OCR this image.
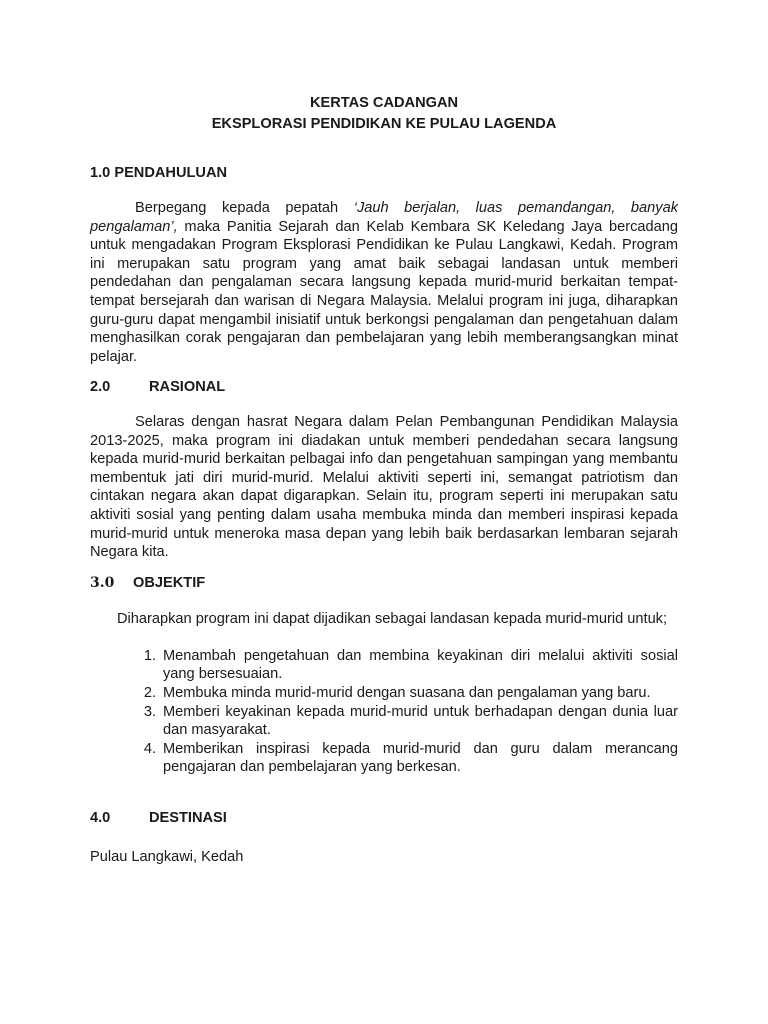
KERTAS CADANGAN
EKSPLORASI PENDIDIKAN KE PULAU LAGENDA
1.0 PENDAHULUAN

Berpegang kepada pepatah ‘Jauh berjalan, luas pemandangan, banyak pengalaman’, maka Panitia Sejarah dan Kelab Kembara SK Keledang Jaya bercadang untuk mengadakan Program Eksplorasi Pendidikan ke Pulau Langkawi, Kedah. Program ini merupakan satu program yang amat baik sebagai landasan untuk memberi pendedahan dan pengalaman secara langsung kepada murid-murid berkaitan tempat-tempat bersejarah dan warisan di Negara Malaysia. Melalui program ini juga, diharapkan guru-guru dapat mengambil inisiatif untuk berkongsi pengalaman dan pengetahuan dalam menghasilkan corak pengajaran dan pembelajaran yang lebih memberangsangkan minat pelajar.

2.0	RASIONAL

Selaras dengan hasrat Negara dalam Pelan Pembangunan Pendidikan Malaysia 2013-2025, maka program ini diadakan untuk memberi pendedahan secara langsung kepada murid-murid berkaitan pelbagai info dan pengetahuan sampingan yang membantu membentuk jati diri murid-murid. Melalui aktiviti seperti ini, semangat patriotism dan cintakan negara akan dapat digarapkan. Selain itu, program seperti ini merupakan satu aktiviti sosial yang penting dalam usaha membuka minda dan memberi inspirasi kepada murid-murid untuk meneroka masa depan yang lebih baik berdasarkan lembaran sejarah Negara kita.

3.0 OBJEKTIF

Diharapkan program ini dapat dijadikan sebagai landasan kepada murid-murid untuk;

1. Menambah pengetahuan dan membina keyakinan diri melalui aktiviti sosial yang bersesuaian.
2. Membuka minda murid-murid dengan suasana dan pengalaman yang baru.
3. Memberi keyakinan kepada murid-murid untuk berhadapan dengan dunia luar dan masyarakat.
4. Memberikan inspirasi kepada murid-murid dan guru dalam merancang pengajaran dan pembelajaran yang berkesan.
4.0	DESTINASI
Pulau Langkawi, Kedah
